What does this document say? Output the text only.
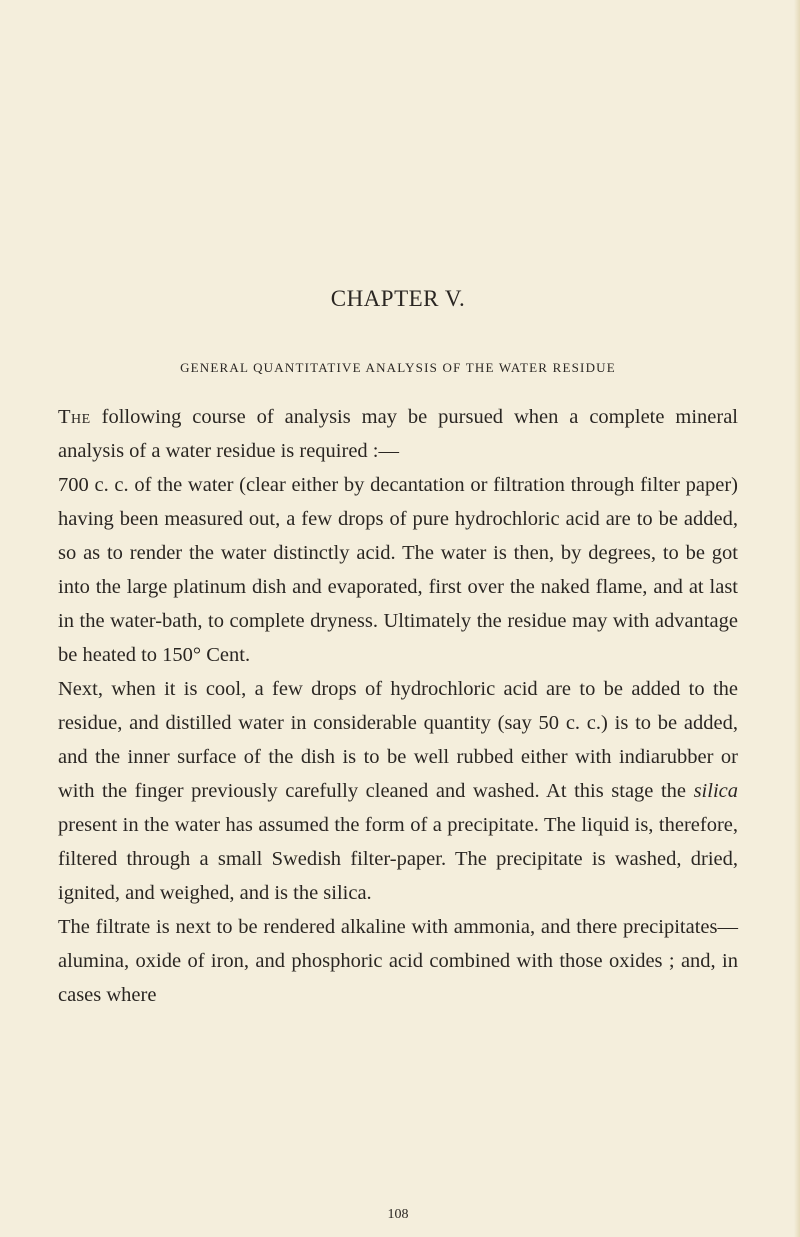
CHAPTER V.
GENERAL QUANTITATIVE ANALYSIS OF THE WATER RESIDUE

The following course of analysis may be pursued when a complete mineral analysis of a water residue is required :—

700 c. c. of the water (clear either by decantation or filtration through filter paper) having been measured out, a few drops of pure hydrochloric acid are to be added, so as to render the water distinctly acid. The water is then, by degrees, to be got into the large platinum dish and evaporated, first over the naked flame, and at last in the water-bath, to complete dryness. Ultimately the residue may with advantage be heated to 150° Cent.

Next, when it is cool, a few drops of hydrochloric acid are to be added to the residue, and distilled water in considerable quantity (say 50 c. c.) is to be added, and the inner surface of the dish is to be well rubbed either with indiarubber or with the finger previously carefully cleaned and washed. At this stage the silica present in the water has assumed the form of a precipitate. The liquid is, therefore, filtered through a small Swedish filter-paper. The precipitate is washed, dried, ignited, and weighed, and is the silica.

The filtrate is next to be rendered alkaline with ammonia, and there precipitates—alumina, oxide of iron, and phosphoric acid combined with those oxides ; and, in cases where

108
